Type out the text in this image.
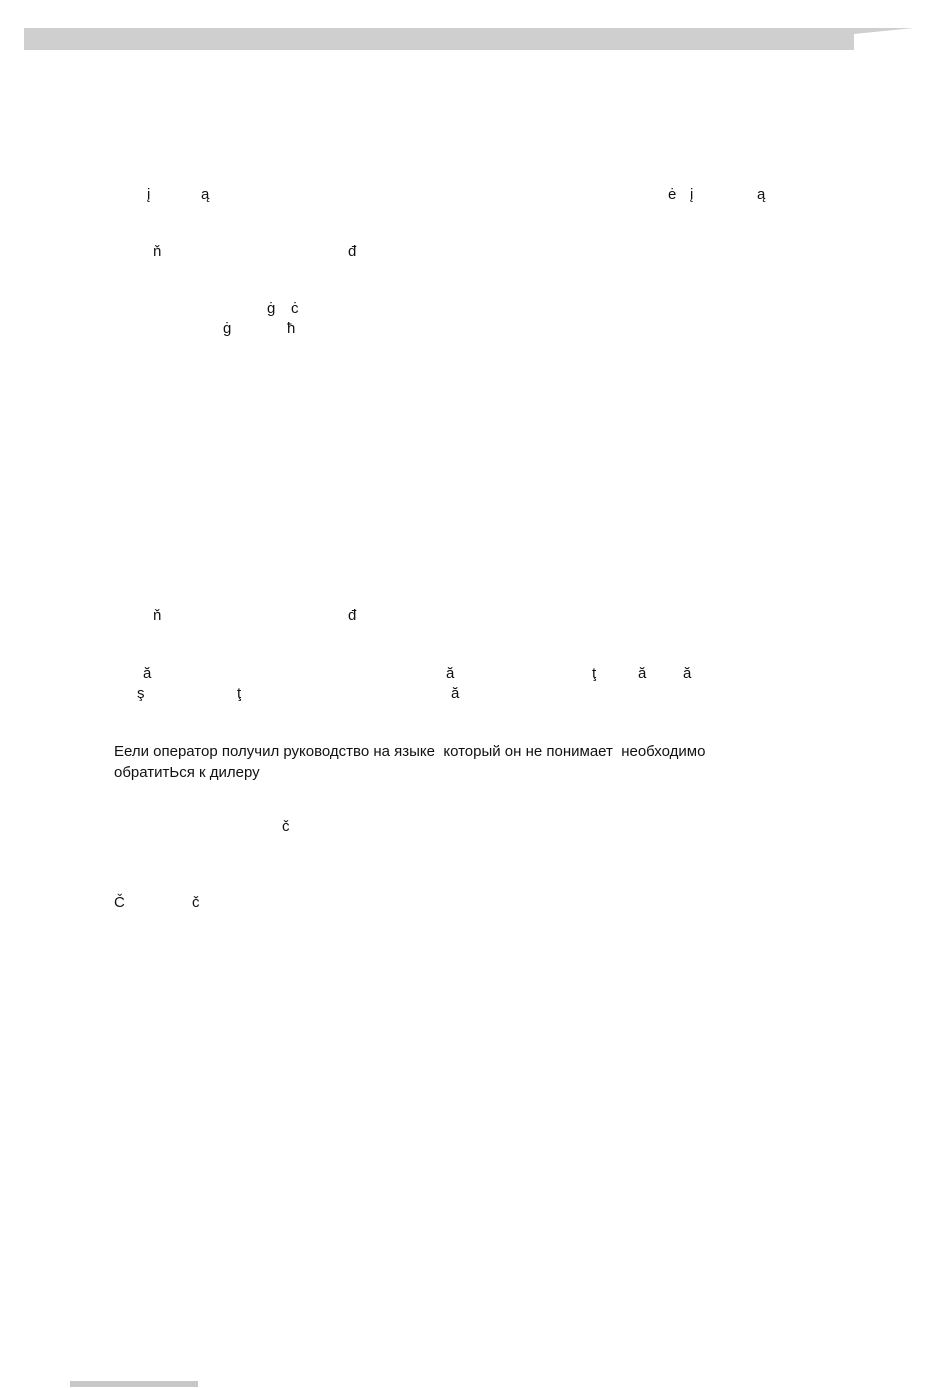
į	ą	ė į	ą
ň	đ
ġ ċ
ġ	ħ
ň	đ
ă	ă	ţ	ă ă
ş	ţ	ă
Еели оператор получил руководство на языке  который он не понимает  необходимо
обратитЬся к дилеру
č
Č	č
